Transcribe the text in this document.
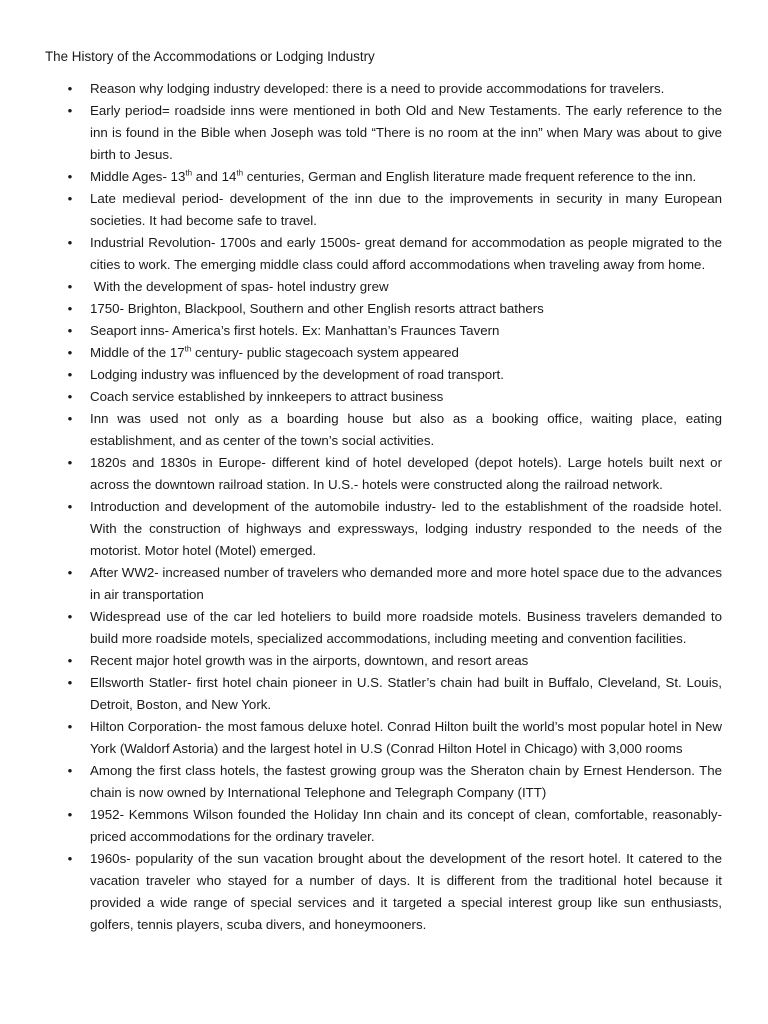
The History of the Accommodations or Lodging Industry
• Reason why lodging industry developed: there is a need to provide accommodations for travelers.
• Early period= roadside inns were mentioned in both Old and New Testaments. The early reference to the inn is found in the Bible when Joseph was told “There is no room at the inn” when Mary was about to give birth to Jesus.
• Middle Ages- 13th and 14th centuries, German and English literature made frequent reference to the inn.
• Late medieval period- development of the inn due to the improvements in security in many European societies. It had become safe to travel.
• Industrial Revolution- 1700s and early 1500s- great demand for accommodation as people migrated to the cities to work. The emerging middle class could afford accommodations when traveling away from home.
• With the development of spas- hotel industry grew
• 1750- Brighton, Blackpool, Southern and other English resorts attract bathers
• Seaport inns- America’s first hotels. Ex: Manhattan’s Fraunces Tavern
• Middle of the 17th century- public stagecoach system appeared
• Lodging industry was influenced by the development of road transport.
• Coach service established by innkeepers to attract business
• Inn was used not only as a boarding house but also as a booking office, waiting place, eating establishment, and as center of the town’s social activities.
• 1820s and 1830s in Europe- different kind of hotel developed (depot hotels). Large hotels built next or across the downtown railroad station. In U.S.- hotels were constructed along the railroad network.
• Introduction and development of the automobile industry- led to the establishment of the roadside hotel. With the construction of highways and expressways, lodging industry responded to the needs of the motorist. Motor hotel (Motel) emerged.
• After WW2- increased number of travelers who demanded more and more hotel space due to the advances in air transportation
• Widespread use of the car led hoteliers to build more roadside motels. Business travelers demanded to build more roadside motels, specialized accommodations, including meeting and convention facilities.
• Recent major hotel growth was in the airports, downtown, and resort areas
• Ellsworth Statler- first hotel chain pioneer in U.S. Statler’s chain had built in Buffalo, Cleveland, St. Louis, Detroit, Boston, and New York.
• Hilton Corporation- the most famous deluxe hotel. Conrad Hilton built the world’s most popular hotel in New York (Waldorf Astoria) and the largest hotel in U.S (Conrad Hilton Hotel in Chicago) with 3,000 rooms
• Among the first class hotels, the fastest growing group was the Sheraton chain by Ernest Henderson. The chain is now owned by International Telephone and Telegraph Company (ITT)
• 1952- Kemmons Wilson founded the Holiday Inn chain and its concept of clean, comfortable, reasonably-priced accommodations for the ordinary traveler.
• 1960s- popularity of the sun vacation brought about the development of the resort hotel. It catered to the vacation traveler who stayed for a number of days. It is different from the traditional hotel because it provided a wide range of special services and it targeted a special interest group like sun enthusiasts, golfers, tennis players, scuba divers, and honeymooners.
